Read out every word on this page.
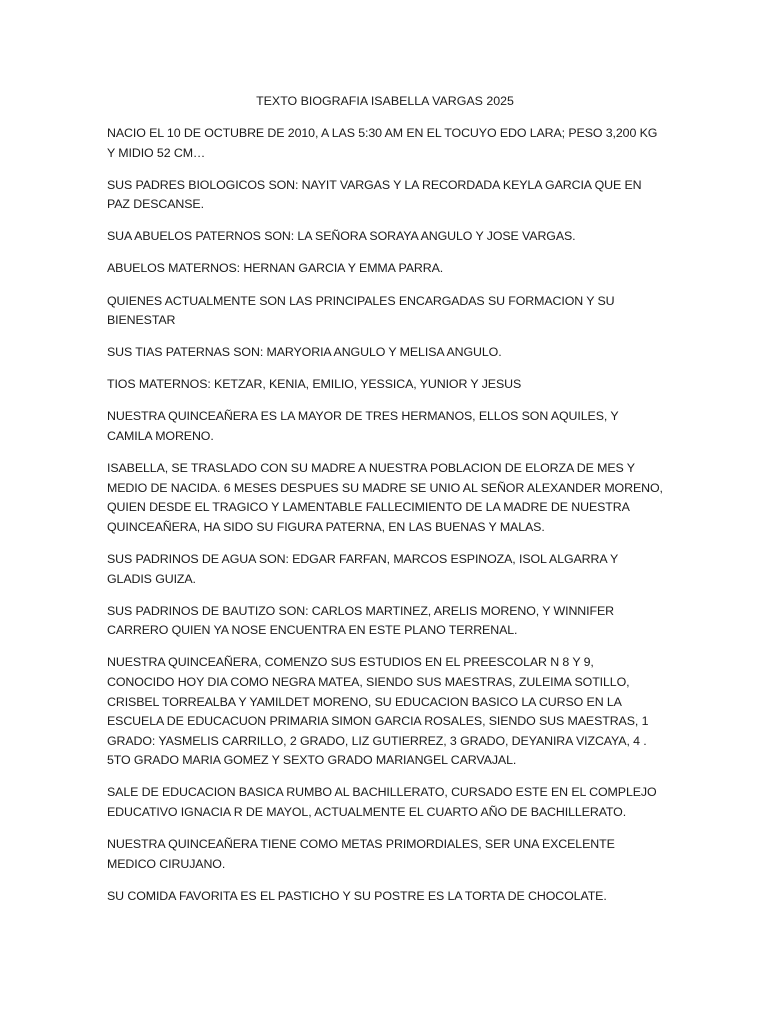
TEXTO BIOGRAFIA ISABELLA VARGAS 2025

NACIO EL 10 DE OCTUBRE DE 2010, A LAS 5:30 AM EN EL TOCUYO EDO LARA; PESO 3,200 KG Y MIDIO 52 CM…

SUS PADRES BIOLOGICOS SON: NAYIT VARGAS Y LA RECORDADA KEYLA GARCIA QUE EN PAZ DESCANSE.

SUA ABUELOS PATERNOS SON: LA SEÑORA SORAYA ANGULO Y JOSE VARGAS.

ABUELOS MATERNOS: HERNAN GARCIA Y EMMA PARRA.

QUIENES ACTUALMENTE SON LAS PRINCIPALES ENCARGADAS SU FORMACION Y SU BIENESTAR

SUS TIAS PATERNAS SON: MARYORIA ANGULO Y MELISA ANGULO.

TIOS MATERNOS: KETZAR, KENIA, EMILIO, YESSICA, YUNIOR Y JESUS

NUESTRA QUINCEAÑERA ES LA MAYOR DE TRES HERMANOS, ELLOS SON AQUILES, Y CAMILA MORENO.

ISABELLA, SE TRASLADO CON SU MADRE A NUESTRA POBLACION DE ELORZA DE MES Y MEDIO DE NACIDA. 6 MESES DESPUES SU MADRE SE UNIO AL SEÑOR ALEXANDER MORENO, QUIEN DESDE EL TRAGICO Y LAMENTABLE FALLECIMIENTO DE LA MADRE DE NUESTRA QUINCEAÑERA, HA SIDO SU FIGURA PATERNA, EN LAS BUENAS Y MALAS.

SUS PADRINOS DE AGUA SON: EDGAR FARFAN, MARCOS ESPINOZA, ISOL ALGARRA Y GLADIS GUIZA.

SUS PADRINOS DE BAUTIZO SON: CARLOS MARTINEZ, ARELIS MORENO, Y WINNIFER CARRERO QUIEN YA NOSE ENCUENTRA EN ESTE PLANO TERRENAL.

NUESTRA QUINCEAÑERA, COMENZO SUS ESTUDIOS EN EL PREESCOLAR N 8 Y 9, CONOCIDO HOY DIA COMO NEGRA MATEA, SIENDO SUS MAESTRAS, ZULEIMA SOTILLO, CRISBEL TORREALBA Y YAMILDET MORENO, SU EDUCACION BASICO LA CURSO EN LA ESCUELA DE EDUCACUON PRIMARIA SIMON GARCIA ROSALES, SIENDO SUS MAESTRAS, 1 GRADO: YASMELIS CARRILLO, 2 GRADO, LIZ GUTIERREZ, 3 GRADO, DEYANIRA VIZCAYA, 4 . 5TO GRADO MARIA GOMEZ Y SEXTO GRADO MARIANGEL CARVAJAL.

SALE DE EDUCACION BASICA RUMBO AL BACHILLERATO, CURSADO ESTE EN EL COMPLEJO EDUCATIVO IGNACIA R DE MAYOL, ACTUALMENTE EL CUARTO AÑO DE BACHILLERATO.

NUESTRA QUINCEAÑERA TIENE COMO METAS PRIMORDIALES, SER UNA EXCELENTE MEDICO CIRUJANO.

SU COMIDA FAVORITA ES EL PASTICHO Y SU POSTRE ES LA TORTA DE CHOCOLATE.
